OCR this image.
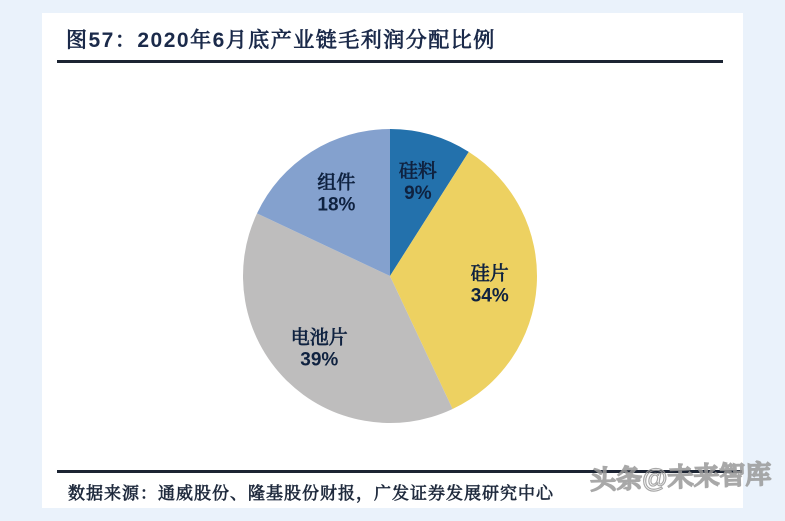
图57：2020年6月底产业链毛利润分配比例
硅料 9%
硅片 34%
电池片 39%
组件 18%

数据来源：通威股份、隆基股份财报，广发证券发展研究中心 头条@未来智库
